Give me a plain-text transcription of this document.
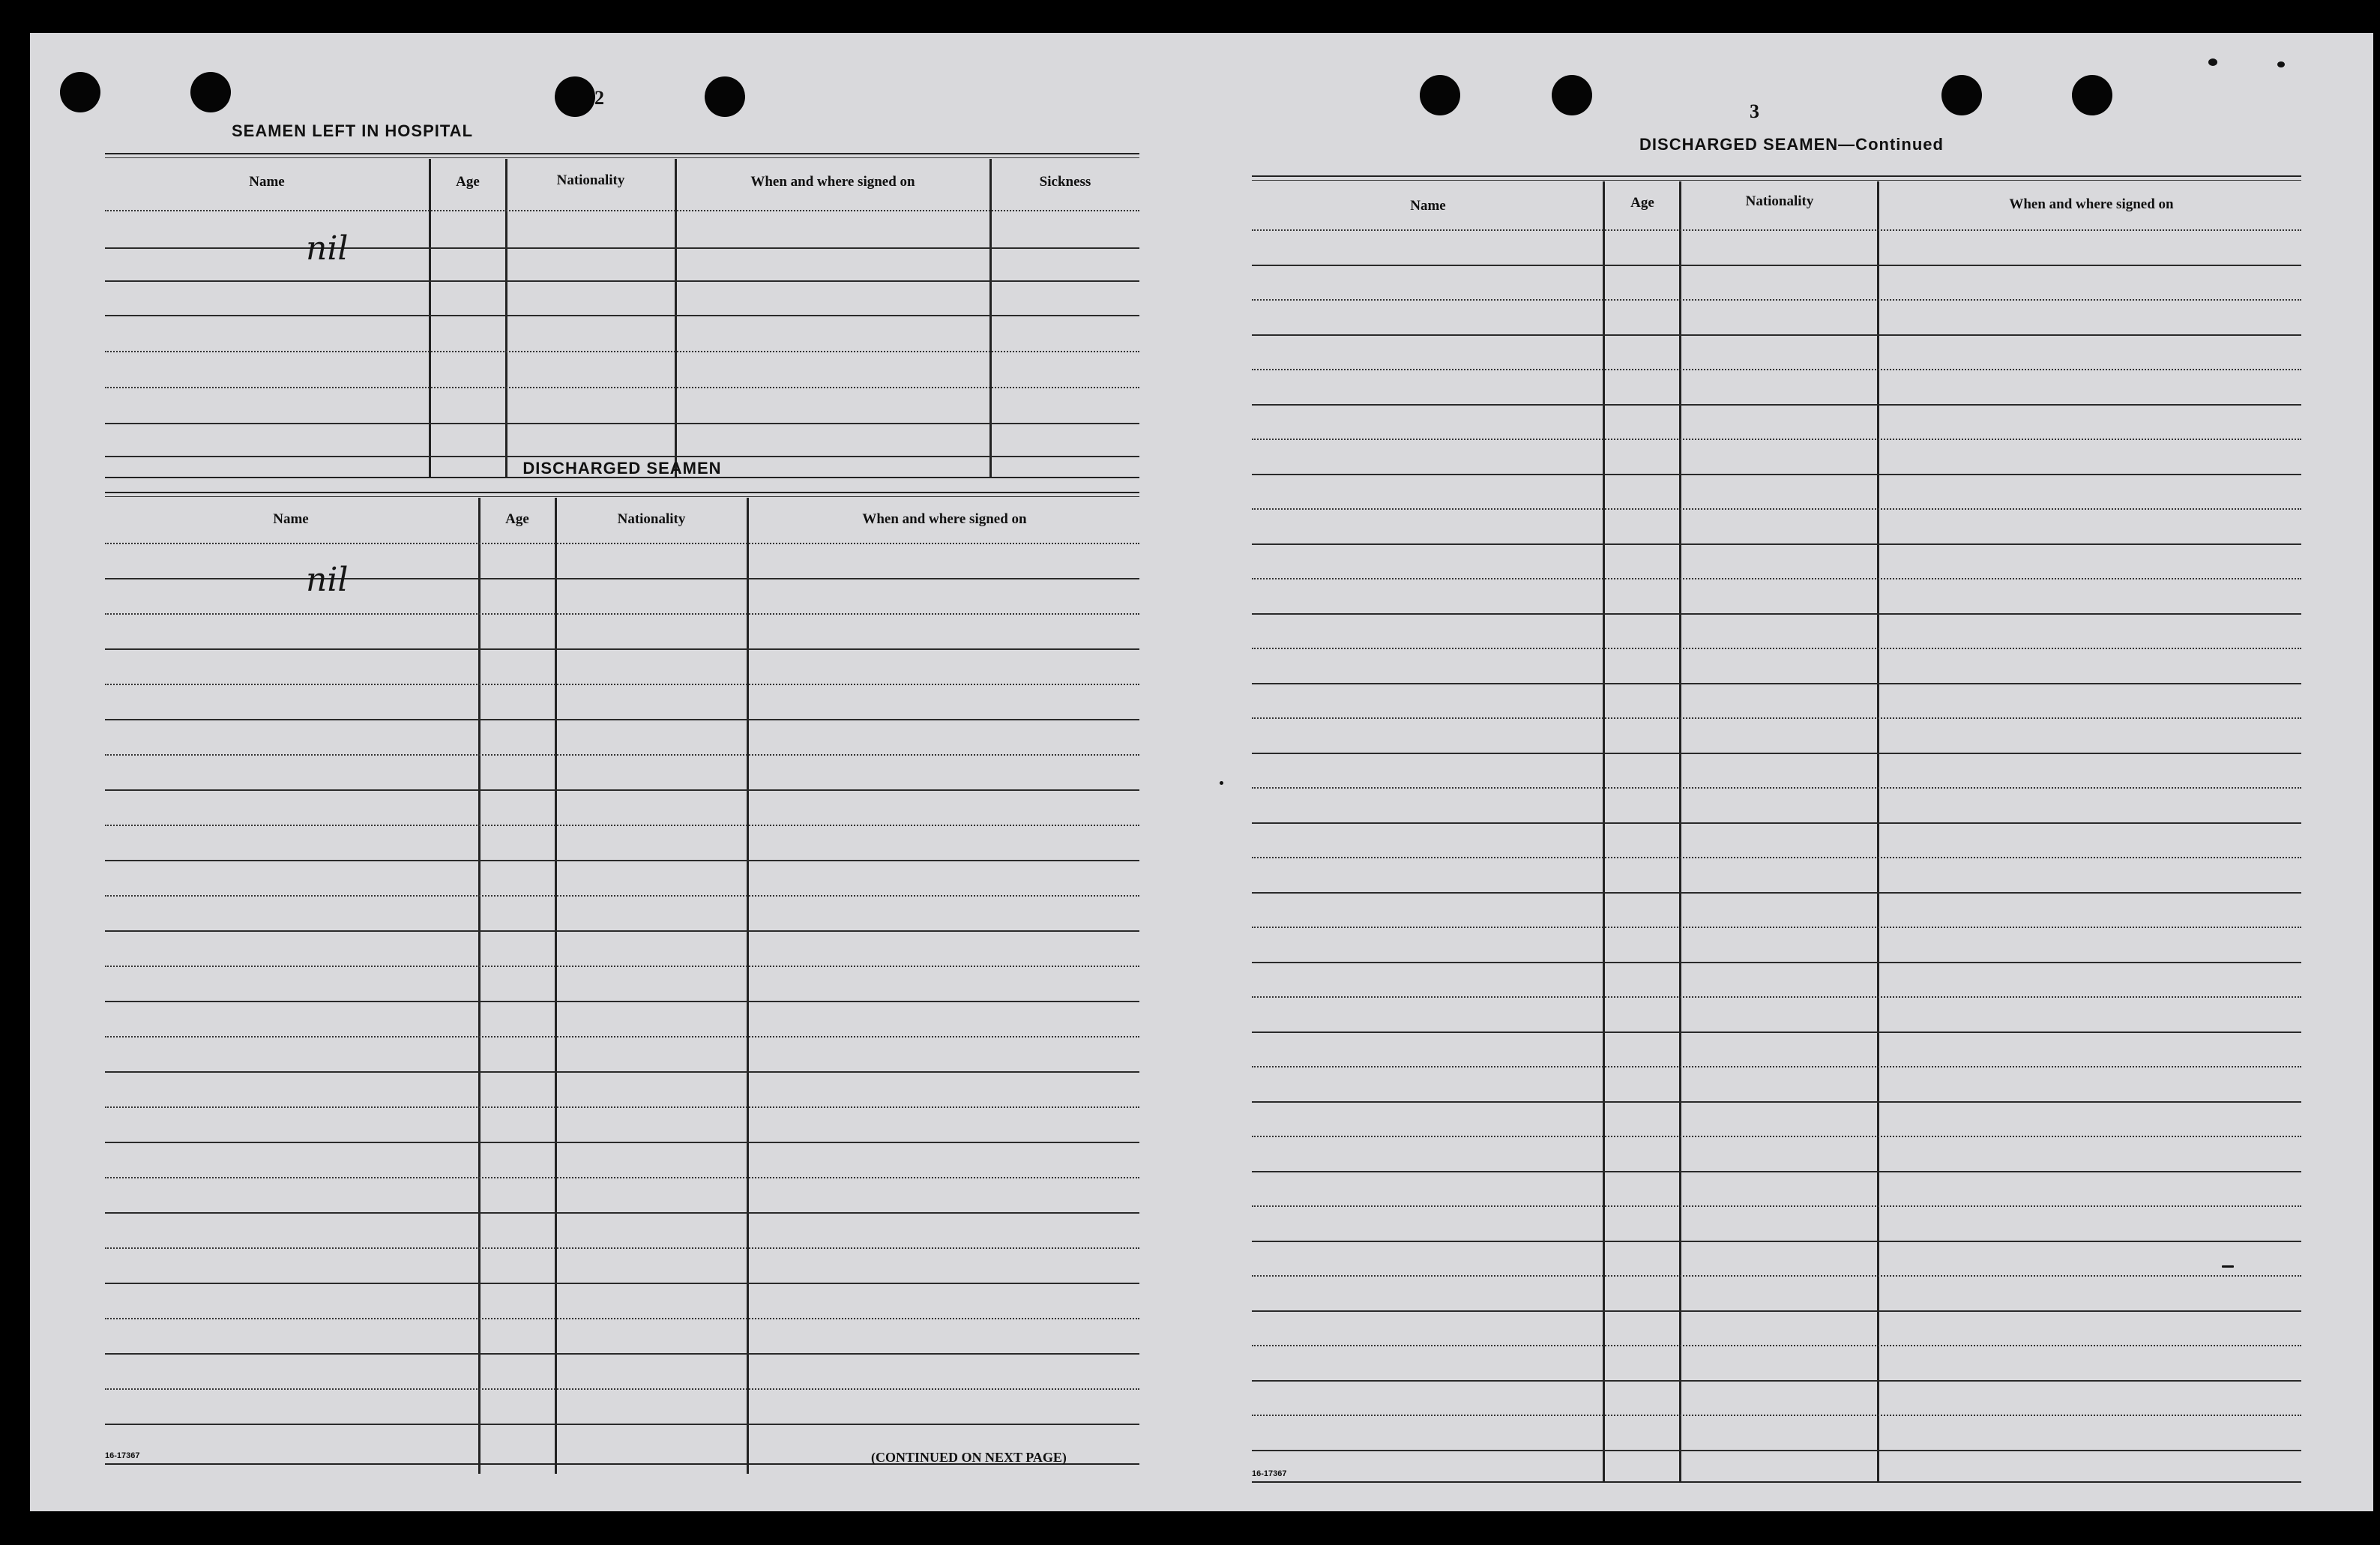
2
SEAMEN LEFT IN HOSPITAL
Name	Age	Nationality	When and where signed on	Sickness
nil
DISCHARGED SEAMEN
Name	Age	Nationality	When and where signed on
nil
16-17367	(CONTINUED ON NEXT PAGE)
3
DISCHARGED SEAMEN—Continued
Name	Age	Nationality	When and where signed on
16-17367
